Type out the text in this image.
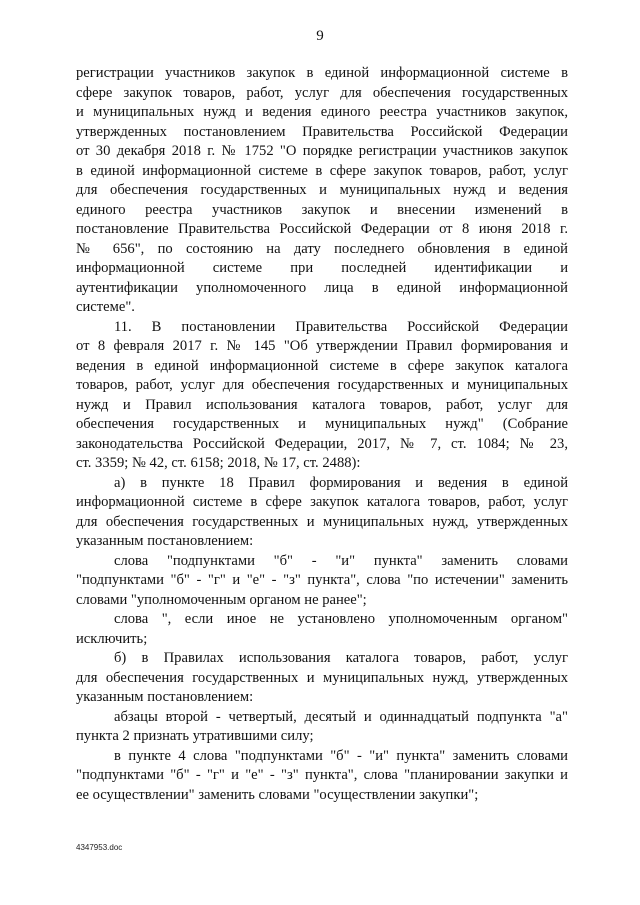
9
регистрации участников закупок в единой информационной системе в
сфере закупок товаров, работ, услуг для обеспечения государственных
и муниципальных нужд и ведения единого реестра участников закупок,
утвержденных постановлением Правительства Российской Федерации
от 30 декабря 2018 г. № 1752 "О порядке регистрации участников закупок
в единой информационной системе в сфере закупок товаров, работ, услуг
для обеспечения государственных и муниципальных нужд и ведения
единого реестра участников закупок и внесении изменений в
постановление Правительства Российской Федерации от 8 июня 2018 г.
№ 656", по состоянию на дату последнего обновления в единой
информационной системе при последней идентификации и
аутентификации уполномоченного лица в единой информационной
системе".
11. В постановлении Правительства Российской Федерации
от 8 февраля 2017 г. № 145 "Об утверждении Правил формирования и
ведения в единой информационной системе в сфере закупок каталога
товаров, работ, услуг для обеспечения государственных и муниципальных
нужд и Правил использования каталога товаров, работ, услуг для
обеспечения государственных и муниципальных нужд" (Собрание
законодательства Российской Федерации, 2017, № 7, ст. 1084; № 23,
ст. 3359; № 42, ст. 6158; 2018, № 17, ст. 2488):
а) в пункте 18 Правил формирования и ведения в единой
информационной системе в сфере закупок каталога товаров, работ, услуг
для обеспечения государственных и муниципальных нужд, утвержденных
указанным постановлением:
слова "подпунктами "б" - "и" пункта" заменить словами
"подпунктами "б" - "г" и "е" - "з" пункта", слова "по истечении" заменить
словами "уполномоченным органом не ранее";
слова ", если иное не установлено уполномоченным органом"
исключить;
б) в Правилах использования каталога товаров, работ, услуг
для обеспечения государственных и муниципальных нужд, утвержденных
указанным постановлением:
абзацы второй - четвертый, десятый и одиннадцатый подпункта "а"
пункта 2 признать утратившими силу;
в пункте 4 слова "подпунктами "б" - "и" пункта" заменить словами
"подпунктами "б" - "г" и "е" - "з" пункта", слова "планировании закупки и
ее осуществлении" заменить словами "осуществлении закупки";
4347953.doc
